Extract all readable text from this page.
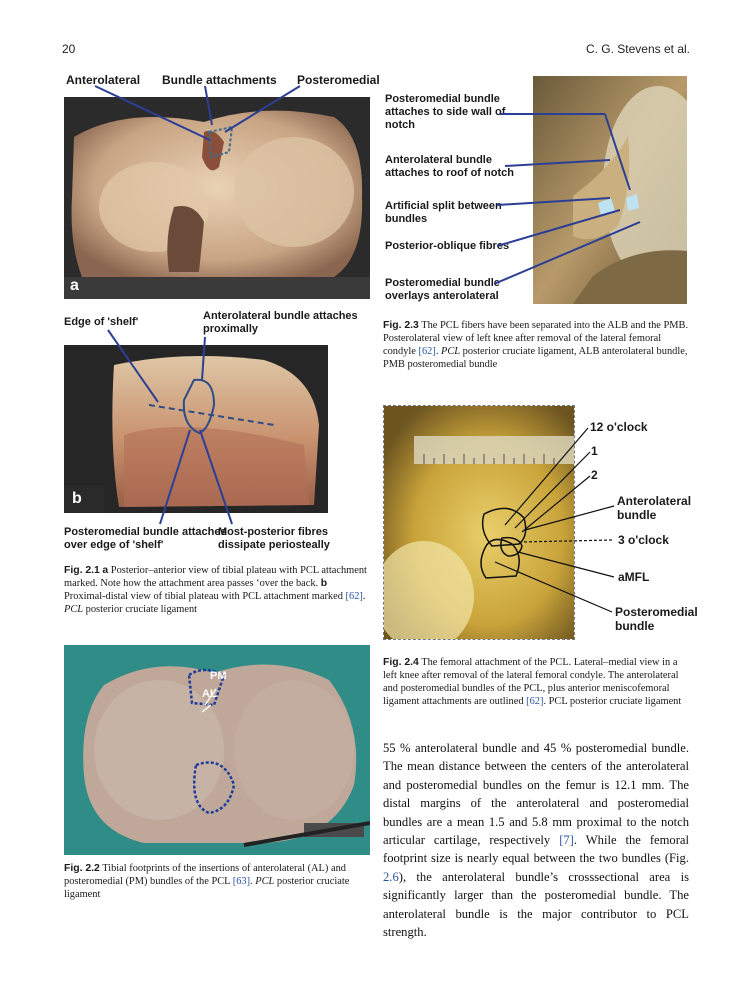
20	C. G. Stevens et al.
Anterolateral Bundle attachments Posteromedial
a
Edge of 'shelf'	Anterolateral bundle attaches
proximally
b
Posteromedial bundle attaches
over edge of 'shelf'
Most-posterior fibres
dissipate periosteally
Fig. 2.1 a Posterior–anterior view of tibial plateau with PCL attachment marked. Note how the attachment area passes ‘over the back. b Proximal-distal view of tibial plateau with PCL attachment marked [62]. PCL posterior cruciate ligament
PM
AL
Fig. 2.2 Tibial footprints of the insertions of anterolateral (AL) and posteromedial (PM) bundles of the PCL [63]. PCL posterior cruciate ligament
Posteromedial bundle
attaches to side wall of
notch
Anterolateral bundle
attaches to roof of notch
Artificial split between
bundles
Posterior-oblique fibres
Posteromedial bundle
overlays anterolateral
Fig. 2.3 The PCL fibers have been separated into the ALB and the PMB. Posterolateral view of left knee after removal of the lateral femoral condyle [62]. PCL posterior cruciate ligament, ALB anterolateral bundle, PMB posteromedial bundle
12 o'clock
1
2
Anterolateral
bundle
3 o'clock
aMFL
Posteromedial
bundle
Fig. 2.4 The femoral attachment of the PCL. Lateral–medial view in a left knee after removal of the lateral femoral condyle. The anterolateral and posteromedial bundles of the PCL, plus anterior meniscofemoral ligament attachments are outlined [62]. PCL posterior cruciate ligament
55 % anterolateral bundle and 45 % posteromedial bundle. The mean distance between the centers of the anterolateral and posteromedial bundles on the femur is 12.1 mm. The distal margins of the anterolateral and posteromedial bundles are a mean 1.5 and 5.8 mm proximal to the notch articular cartilage, respectively [7]. While the femoral footprint size is nearly equal between the two bundles (Fig. 2.6), the anterolateral bundle’s crosssectional area is significantly larger than the posteromedial bundle. The anterolateral bundle is the major contributor to PCL strength.
